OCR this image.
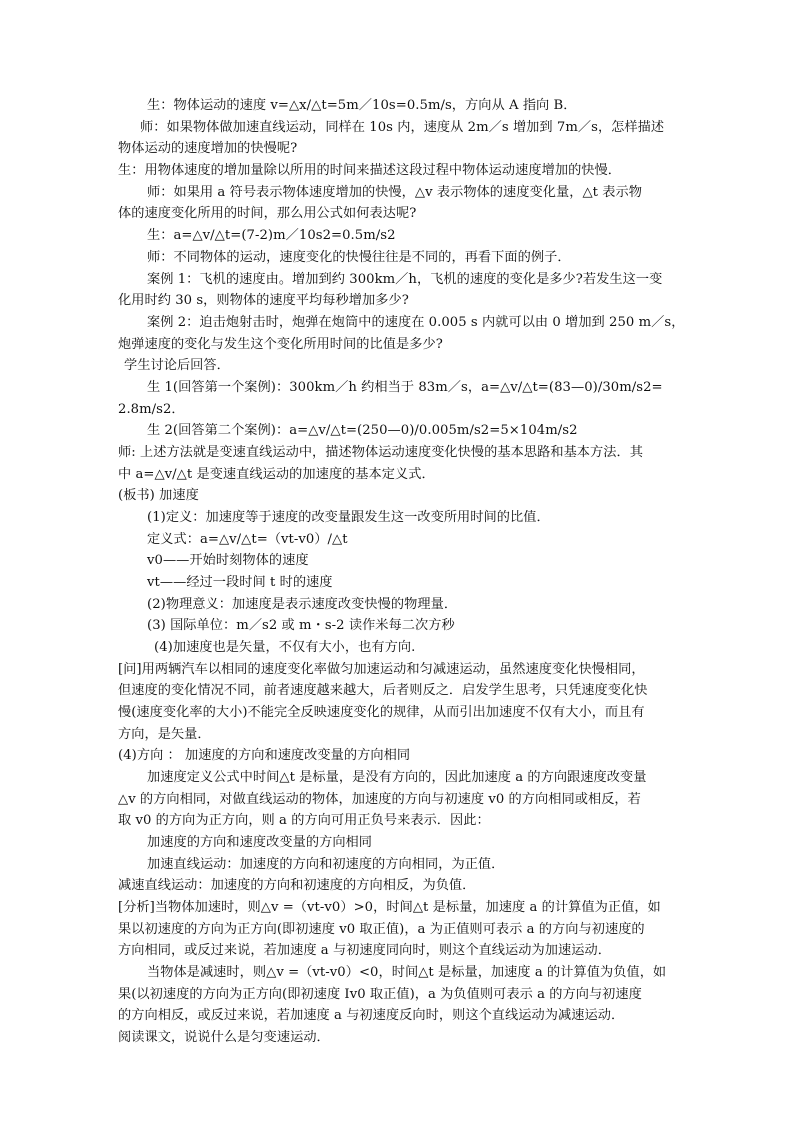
生：物体运动的速度 v=△x/△t=5m／10s=0.5m/s，方向从 A 指向 B．
师：如果物体做加速直线运动，同样在 10s 内，速度从 2m／s 增加到 7m／s，怎样描述
物体运动的速度增加的快慢呢?
生：用物体速度的增加量除以所用的时间来描述这段过程中物体运动速度增加的快慢．
师：如果用 a 符号表示物体速度增加的快慢，△v 表示物体的速度变化量，△t 表示物
体的速度变化所用的时间，那么用公式如何表达呢?
生：a=△v/△t=(7-2)m／10s2=0.5m/s2
师：不同物体的运动，速度变化的快慢往往是不同的，再看下面的例子．
案例 1：飞机的速度由。增加到约 300km／h，飞机的速度的变化是多少?若发生这一变
化用时约 30 s，则物体的速度平均每秒增加多少?
案例 2：迫击炮射击时，炮弹在炮筒中的速度在 0.005 s 内就可以由 0 增加到 250 m／s，
炮弹速度的变化与发生这个变化所用时间的比值是多少?
学生讨论后回答．
生 1(回答第一个案例)：300km／h 约相当于 83m／s，a=△v/△t=(83—0)/30m/s2=
2.8m/s2．
生 2(回答第二个案例)：a=△v/△t=(250—0)/0.005m/s2=5×104m/s2
师: 上述方法就是变速直线运动中，描述物体运动速度变化快慢的基本思路和基本方法．其
中 a=△v/△t 是变速直线运动的加速度的基本定义式．
(板书) 加速度
(1)定义：加速度等于速度的改变量跟发生这一改变所用时间的比值．
定义式：a=△v/△t=（vt-v0）/△t
v0——开始时刻物体的速度
vt——经过一段时间 t 时的速度
(2)物理意义：加速度是表示速度改变快慢的物理量．
(3) 国际单位：m／s2 或 m・s-2 读作米每二次方秒
(4)加速度也是矢量，不仅有大小，也有方向.
[问]用两辆汽车以相同的速度变化率做匀加速运动和匀减速运动，虽然速度变化快慢相同，
但速度的变化情况不同，前者速度越来越大，后者则反之．启发学生思考，只凭速度变化快
慢(速度变化率的大小)不能完全反映速度变化的规律，从而引出加速度不仅有大小，而且有
方向，是矢量．
(4)方向 ： 加速度的方向和速度改变量的方向相同
加速度定义公式中时间△t 是标量，是没有方向的，因此加速度 a 的方向跟速度改变量
△v 的方向相同，对做直线运动的物体，加速度的方向与初速度 v0 的方向相同或相反，若
取 v0 的方向为正方向，则 a 的方向可用正负号来表示．因此：
加速度的方向和速度改变量的方向相同
加速直线运动：加速度的方向和初速度的方向相同，为正值．
减速直线运动：加速度的方向和初速度的方向相反，为负值．
[分析]当物体加速时，则△v =（vt-v0）>0，时间△t 是标量，加速度 a 的计算值为正值，如
果以初速度的方向为正方向(即初速度 v0 取正值)，a 为正值则可表示 a 的方向与初速度的
方向相同，或反过来说，若加速度 a 与初速度同向时，则这个直线运动为加速运动．
当物体是减速时，则△v =（vt-v0）<0，时间△t 是标量，加速度 a 的计算值为负值，如
果(以初速度的方向为正方向(即初速度 Iv0 取正值)，a 为负值则可表示 a 的方向与初速度
的方向相反，或反过来说，若加速度 a 与初速度反向时，则这个直线运动为减速运动．
阅读课文，说说什么是匀变速运动．
